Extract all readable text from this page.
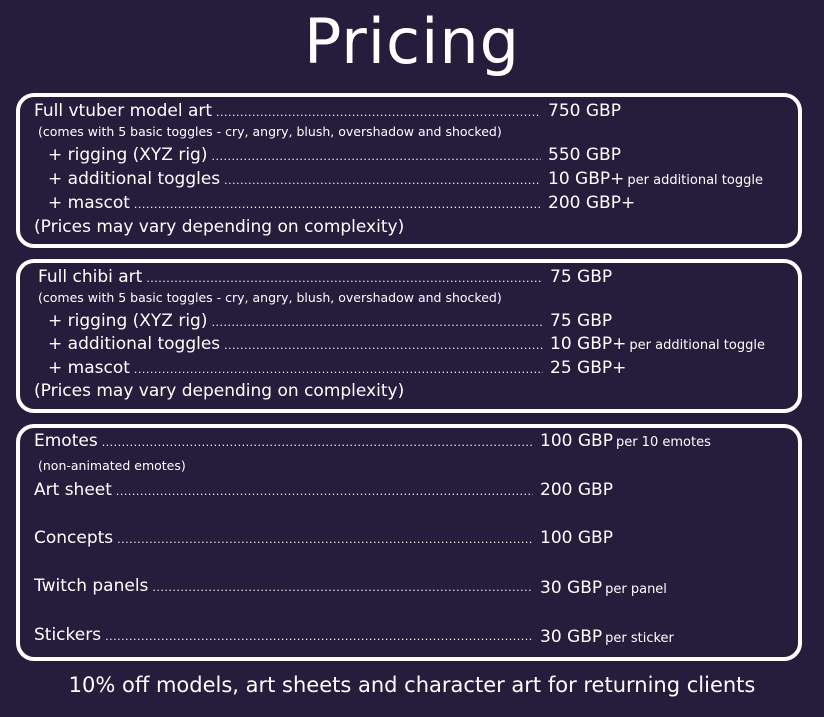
Pricing
Full vtuber model art .....	750 GBP
(comes with 5 basic toggles - cry, angry, blush, overshadow and shocked)
+ rigging (XYZ rig) .....	550 GBP
+ additional toggles .....	10 GBP+ per additional toggle
+ mascot .....	200 GBP+
(Prices may vary depending on complexity)
Full chibi art .....	75 GBP
(comes with 5 basic toggles - cry, angry, blush, overshadow and shocked)
+ rigging (XYZ rig) .....	75 GBP
+ additional toggles .....	10 GBP+ per additional toggle
+ mascot .....	25 GBP+
(Prices may vary depending on complexity)
Emotes .....	100 GBP per 10 emotes
(non-animated emotes)
Art sheet .....	200 GBP
Concepts .....	100 GBP
Twitch panels .....	30 GBP per panel
Stickers .....	30 GBP per sticker
10% off models, art sheets and character art for returning clients
